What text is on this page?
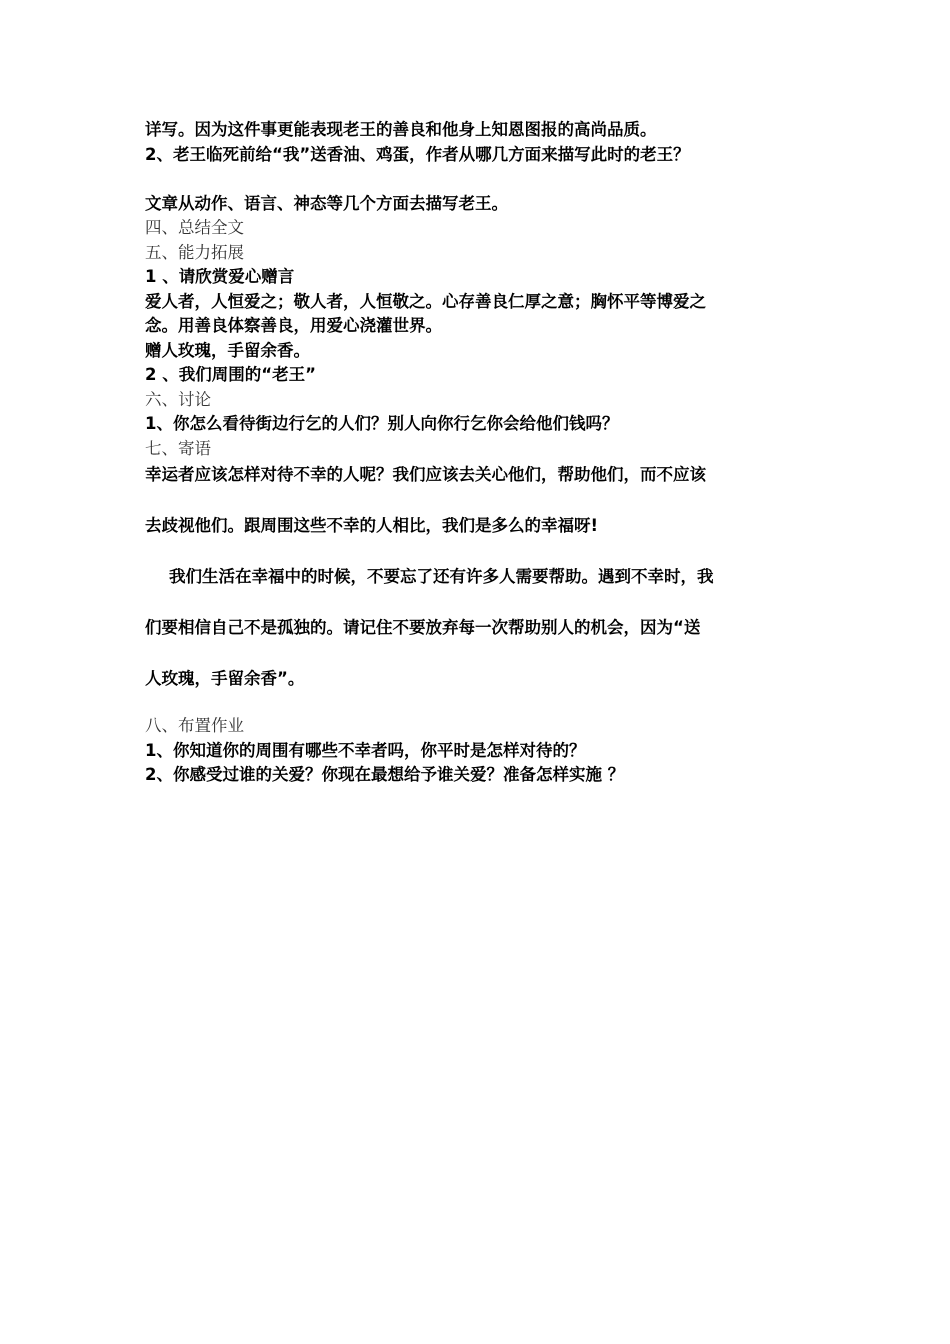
详写。因为这件事更能表现老王的善良和他身上知恩图报的高尚品质。
2、老王临死前给“我”送香油、鸡蛋，作者从哪几方面来描写此时的老王？
文章从动作、语言、神态等几个方面去描写老王。
四、总结全文
五、能力拓展
1 、请欣赏爱心赠言
爱人者，人恒爱之；敬人者，人恒敬之。心存善良仁厚之意；胸怀平等博爱之
念。用善良体察善良，用爱心浇灌世界。
赠人玫瑰，手留余香。
2 、我们周围的“老王”
六、讨论
1、你怎么看待街边行乞的人们？别人向你行乞你会给他们钱吗？
七、寄语
幸运者应该怎样对待不幸的人呢？我们应该去关心他们，帮助他们，而不应该
去歧视他们。跟周围这些不幸的人相比，我们是多么的幸福呀!
我们生活在幸福中的时候，不要忘了还有许多人需要帮助。遇到不幸时，我
们要相信自己不是孤独的。请记住不要放弃每一次帮助别人的机会，因为“送
人玫瑰，手留余香”。
八、布置作业
1、你知道你的周围有哪些不幸者吗，你平时是怎样对待的？
2、你感受过谁的关爱？你现在最想给予谁关爱？准备怎样实施 ？
